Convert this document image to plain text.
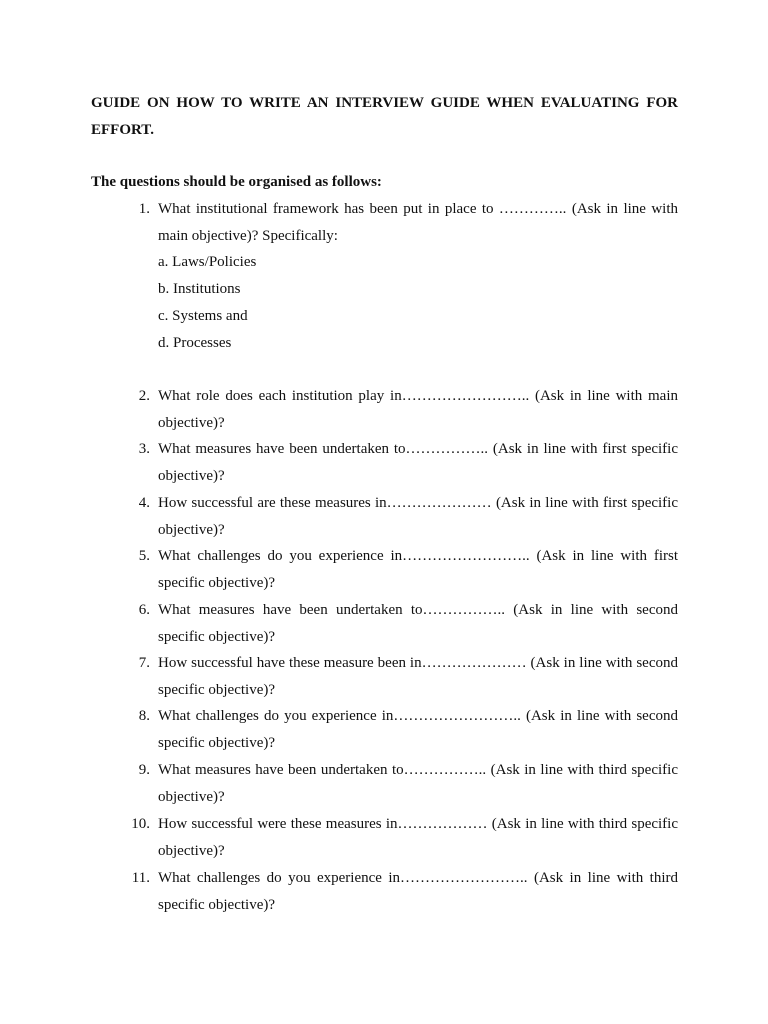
GUIDE ON HOW TO WRITE AN INTERVIEW GUIDE WHEN EVALUATING FOR EFFORT.
The questions should be organised as follows:
1. What institutional framework has been put in place to ………….. (Ask in line with main objective)? Specifically:
a. Laws/Policies
b. Institutions
c. Systems and
d. Processes
2. What role does each institution play in…………………….. (Ask in line with main objective)?
3. What measures have been undertaken to…………….. (Ask in line with first specific objective)?
4. How successful are these measures in………………… (Ask in line with first specific objective)?
5. What challenges do you experience in…………………….. (Ask in line with first specific objective)?
6. What measures have been undertaken to…………….. (Ask in line with second specific objective)?
7. How successful have these measure been in………………… (Ask in line with second specific objective)?
8. What challenges do you experience in…………………….. (Ask in line with second specific objective)?
9. What measures have been undertaken to…………….. (Ask in line with third specific objective)?
10. How successful were these measures in……………… (Ask in line with third specific objective)?
11. What challenges do you experience in…………………….. (Ask in line with third specific objective)?
